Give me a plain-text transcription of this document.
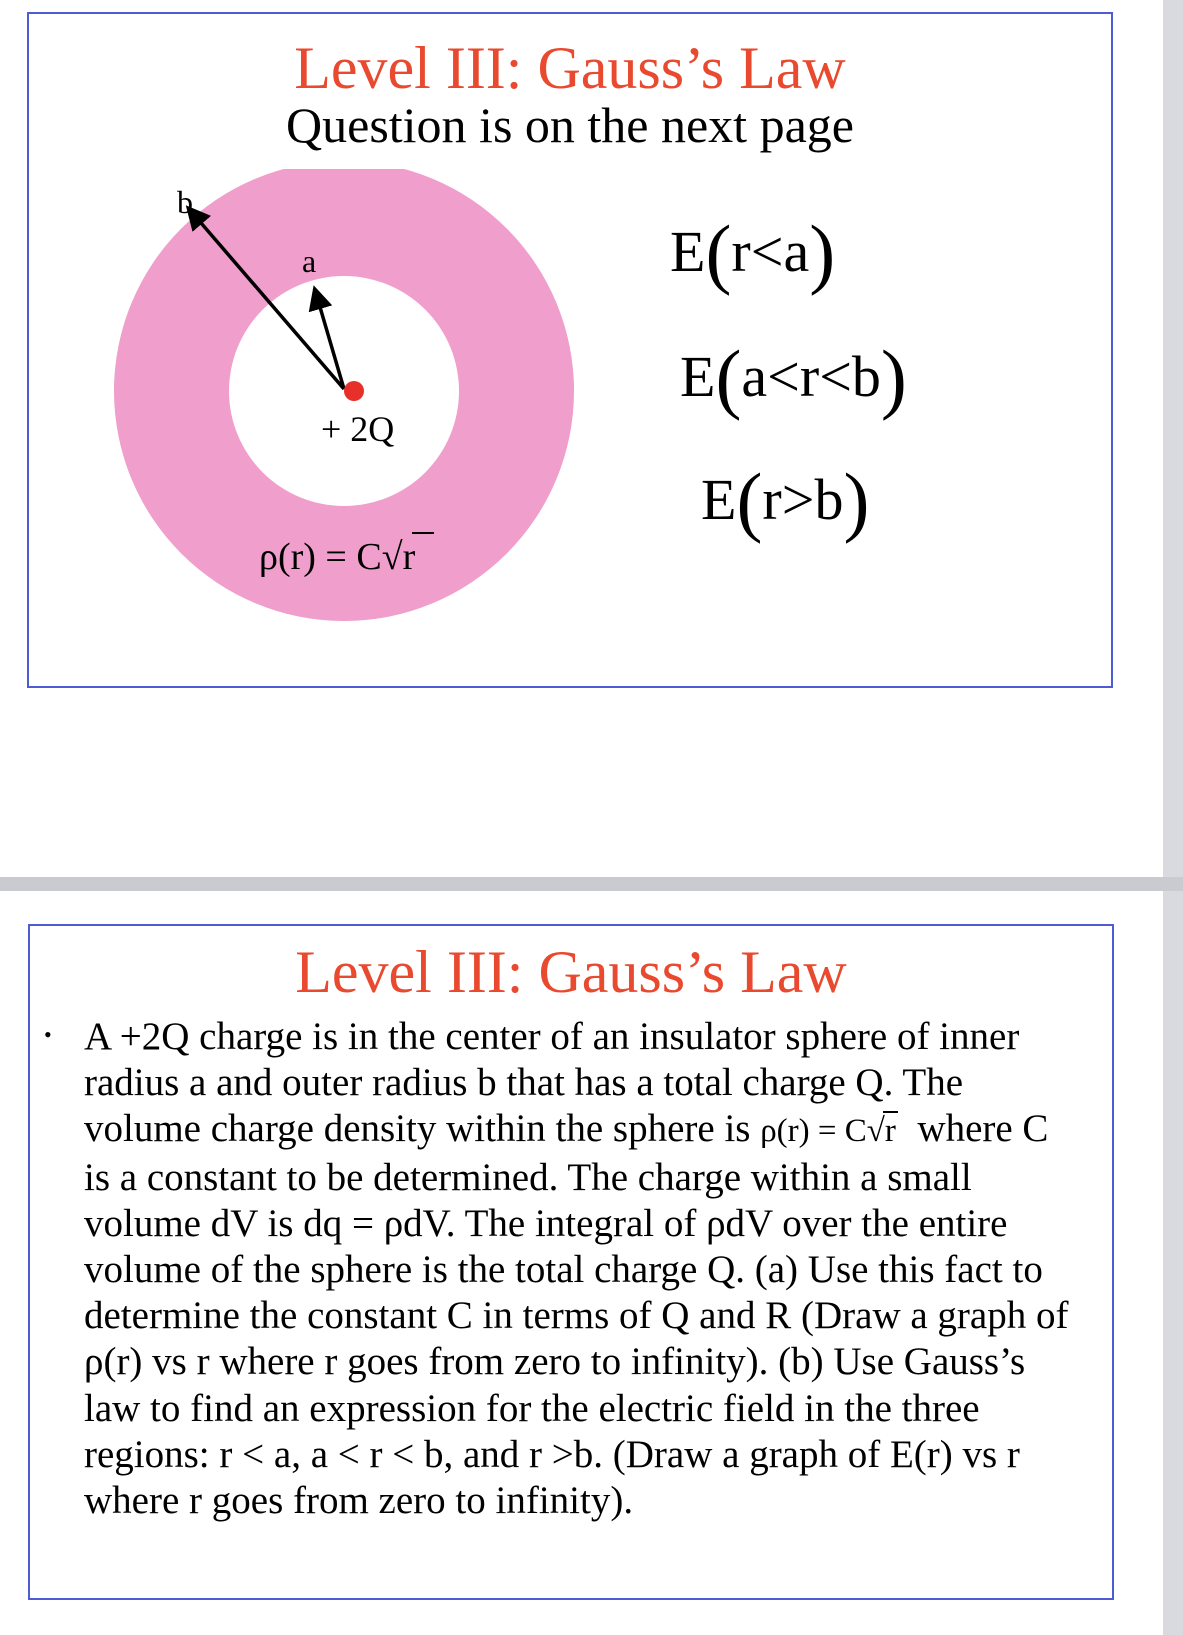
Level III: Gauss’s Law
Question is on the next page
b
a
+ 2Q
ρ(r) = C√r
E(r<a)
E(a<r<b)
E(r>b)
Level III: Gauss’s Law
• A +2Q charge is in the center of an insulator sphere of inner radius a and outer radius b that has a total charge Q. The volume charge density within the sphere is ρ(r) = C√r where C is a constant to be determined. The charge within a small volume dV is dq = ρdV. The integral of ρdV over the entire volume of the sphere is the total charge Q. (a) Use this fact to determine the constant C in terms of Q and R (Draw a graph of ρ(r) vs r where r goes from zero to infinity). (b) Use Gauss’s law to find an expression for the electric field in the three regions: r < a, a < r < b, and r >b. (Draw a graph of E(r) vs r where r goes from zero to infinity).
